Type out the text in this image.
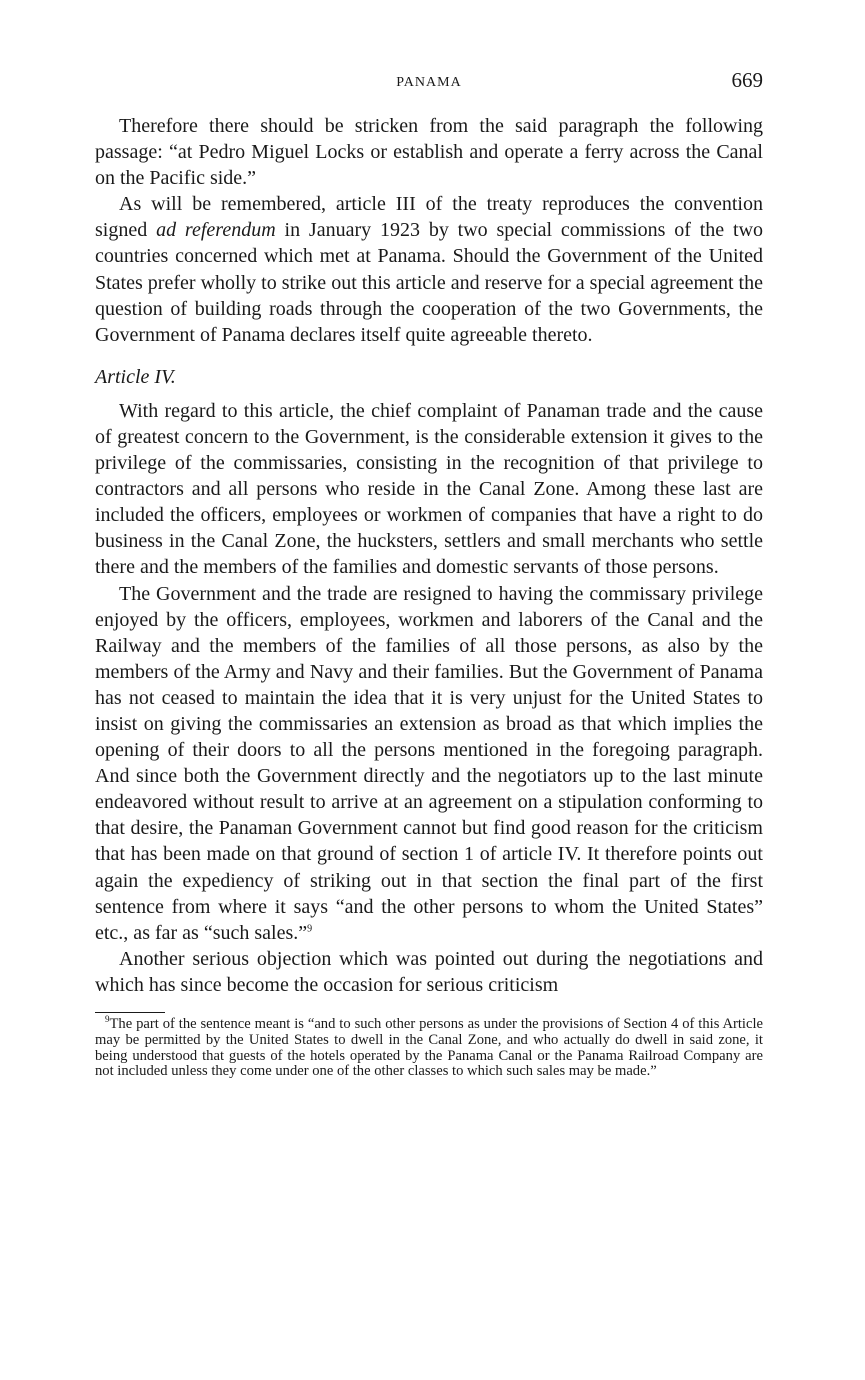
PANAMA	669

Therefore there should be stricken from the said paragraph the following passage: “at Pedro Miguel Locks or establish and operate a ferry across the Canal on the Pacific side.”

As will be remembered, article III of the treaty reproduces the convention signed ad referendum in January 1923 by two special commissions of the two countries concerned which met at Panama. Should the Government of the United States prefer wholly to strike out this article and reserve for a special agreement the question of building roads through the cooperation of the two Governments, the Government of Panama declares itself quite agreeable thereto.

Article IV.

With regard to this article, the chief complaint of Panaman trade and the cause of greatest concern to the Government, is the considerable extension it gives to the privilege of the commissaries, consisting in the recognition of that privilege to contractors and all persons who reside in the Canal Zone. Among these last are included the officers, employees or workmen of companies that have a right to do business in the Canal Zone, the hucksters, settlers and small merchants who settle there and the members of the families and domestic servants of those persons.

The Government and the trade are resigned to having the commissary privilege enjoyed by the officers, employees, workmen and laborers of the Canal and the Railway and the members of the families of all those persons, as also by the members of the Army and Navy and their families. But the Government of Panama has not ceased to maintain the idea that it is very unjust for the United States to insist on giving the commissaries an extension as broad as that which implies the opening of their doors to all the persons mentioned in the foregoing paragraph. And since both the Government directly and the negotiators up to the last minute endeavored without result to arrive at an agreement on a stipulation conforming to that desire, the Panaman Government cannot but find good reason for the criticism that has been made on that ground of section 1 of article IV. It therefore points out again the expediency of striking out in that section the final part of the first sentence from where it says “and the other persons to whom the United States” etc., as far as “such sales.”$^9$

Another serious objection which was pointed out during the negotiations and which has since become the occasion for serious criticism

$^9$The part of the sentence meant is “and to such other persons as under the provisions of Section 4 of this Article may be permitted by the United States to dwell in the Canal Zone, and who actually do dwell in said zone, it being understood that guests of the hotels operated by the Panama Canal or the Panama Railroad Company are not included unless they come under one of the other classes to which such sales may be made.”
